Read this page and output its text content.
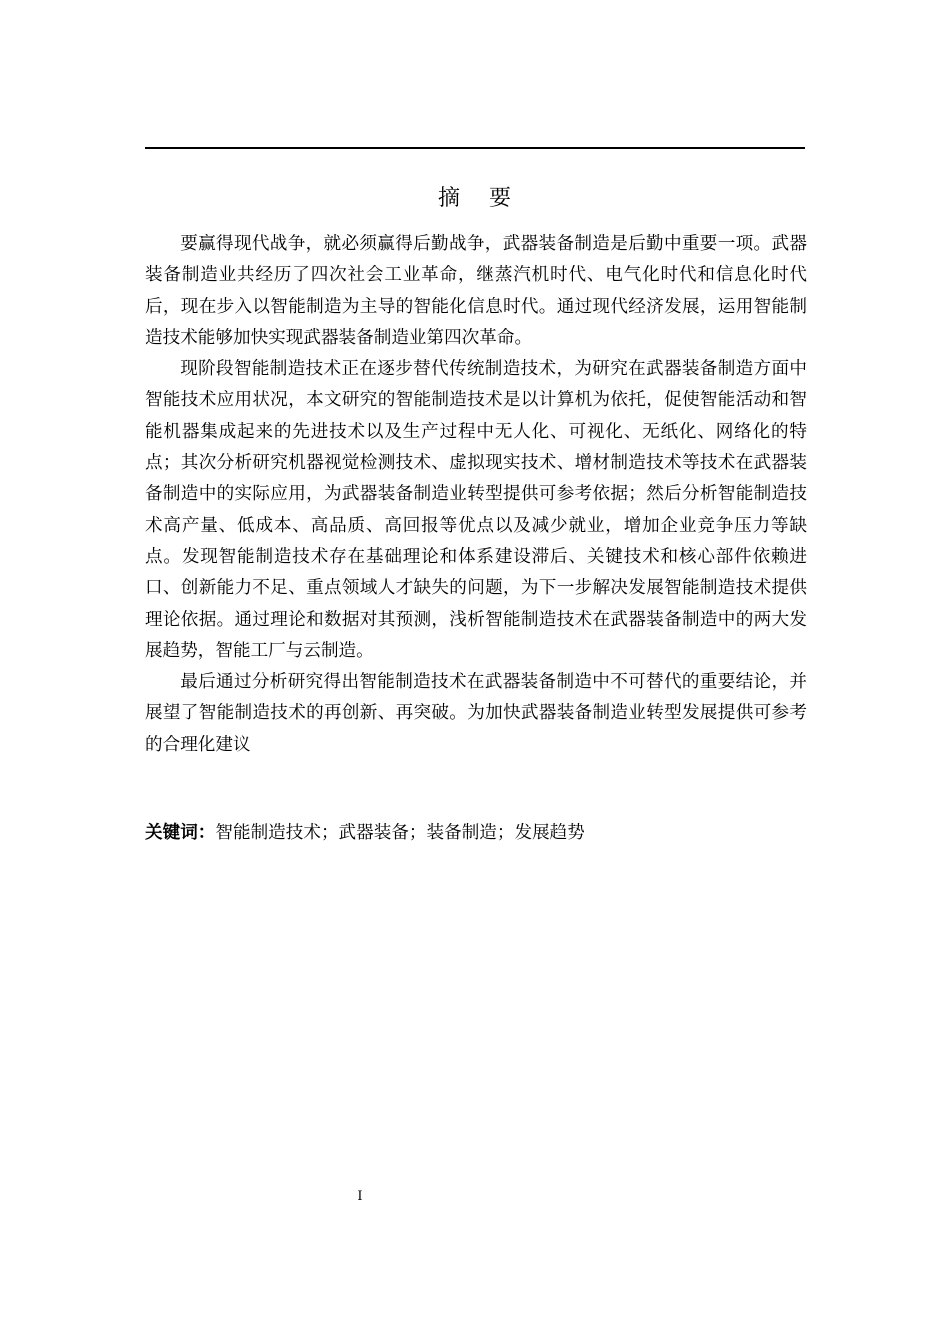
摘 要

要赢得现代战争，就必须赢得后勤战争，武器装备制造是后勤中重要一项。武器装备制造业共经历了四次社会工业革命，继蒸汽机时代、电气化时代和信息化时代后，现在步入以智能制造为主导的智能化信息时代。通过现代经济发展，运用智能制造技术能够加快实现武器装备制造业第四次革命。

现阶段智能制造技术正在逐步替代传统制造技术，为研究在武器装备制造方面中智能技术应用状况，本文研究的智能制造技术是以计算机为依托，促使智能活动和智能机器集成起来的先进技术以及生产过程中无人化、可视化、无纸化、网络化的特点；其次分析研究机器视觉检测技术、虚拟现实技术、增材制造技术等技术在武器装备制造中的实际应用，为武器装备制造业转型提供可参考依据；然后分析智能制造技术高产量、低成本、高品质、高回报等优点以及减少就业，增加企业竞争压力等缺点。发现智能制造技术存在基础理论和体系建设滞后、关键技术和核心部件依赖进口、创新能力不足、重点领域人才缺失的问题，为下一步解决发展智能制造技术提供理论依据。通过理论和数据对其预测，浅析智能制造技术在武器装备制造中的两大发展趋势，智能工厂与云制造。

最后通过分析研究得出智能制造技术在武器装备制造中不可替代的重要结论，并展望了智能制造技术的再创新、再突破。为加快武器装备制造业转型发展提供可参考的合理化建议

关键词：智能制造技术；武器装备；装备制造；发展趋势
I
